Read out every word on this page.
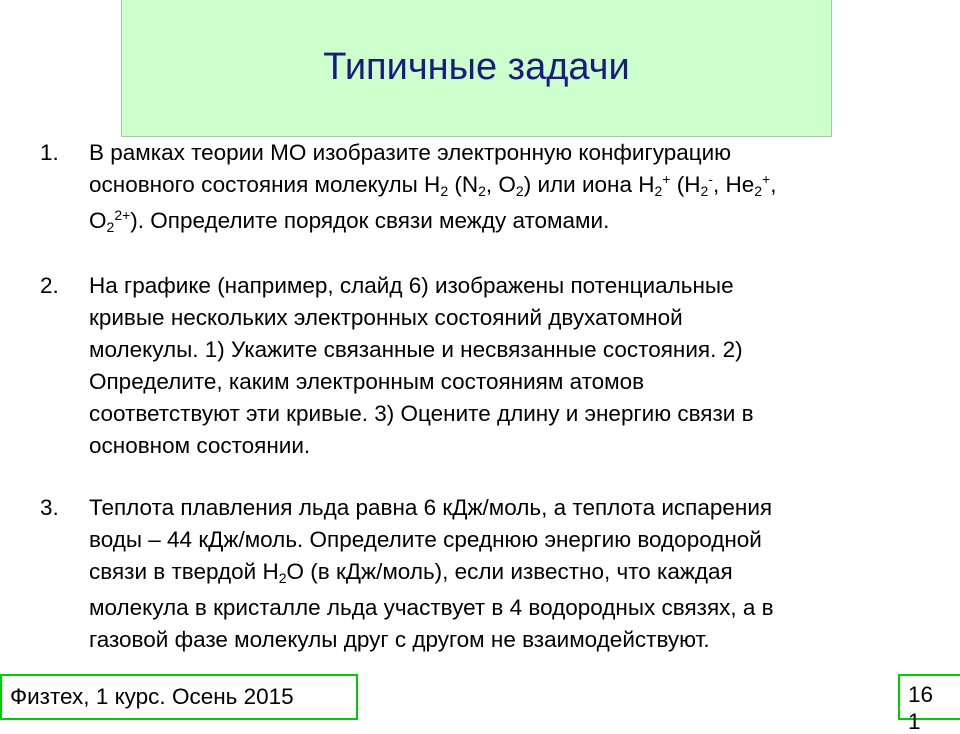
Типичные задачи
1. В рамках теории МО изобразите электронную конфигурацию
основного состояния молекулы $H_2$ ($N_2$, $O_2$) или иона $H_2^+$ ($H_2^-$, $He_2^+$,
$O_2^{2+}$). Определите порядок связи между атомами.
2. На графике (например, слайд 6) изображены потенциальные
кривые нескольких электронных состояний двухатомной
молекулы. 1) Укажите связанные и несвязанные состояния. 2)
Определите, каким электронным состояниям атомов
соответствуют эти кривые. 3) Оцените длину и энергию связи в
основном состоянии.
3. Теплота плавления льда равна 6 кДж/моль, а теплота испарения
воды – 44 кДж/моль. Определите среднюю энергию водородной
связи в твердой $H_2O$ (в кДж/моль), если известно, что каждая
молекула в кристалле льда участвует в 4 водородных связях, а в
газовой фазе молекулы друг с другом не взаимодействуют.
Физтех, 1 курс. Осень 2015	16
1
